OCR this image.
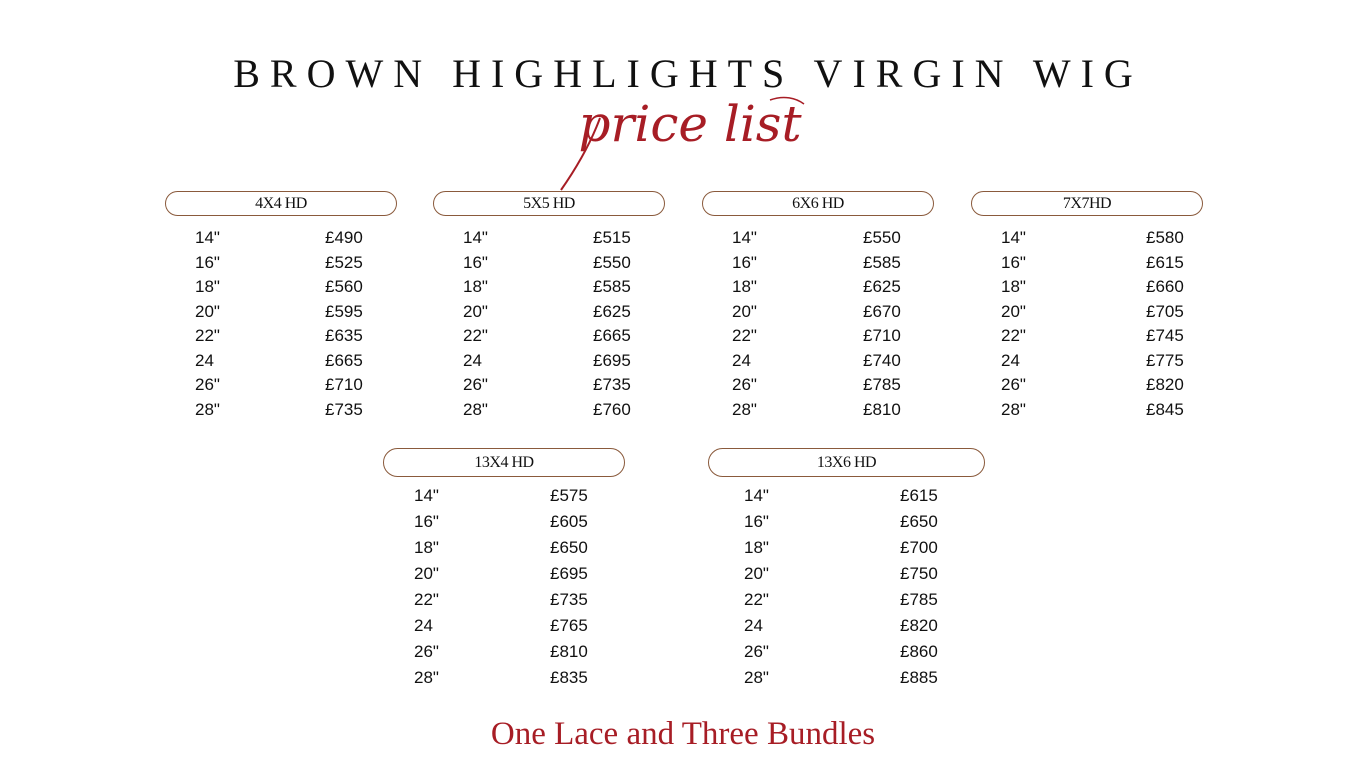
BROWN HIGHLIGHTS VIRGIN WIG
price list
4X4 HD
14"	£490
16"	£525
18"	£560
20"	£595
22"	£635
24	£665
26"	£710
28"	£735
5X5 HD
14"	£515
16"	£550
18"	£585
20"	£625
22"	£665
24	£695
26"	£735
28"	£760
6X6 HD
14"	£550
16"	£585
18"	£625
20"	£670
22"	£710
24	£740
26"	£785
28"	£810
7X7HD
14"	£580
16"	£615
18"	£660
20"	£705
22"	£745
24	£775
26"	£820
28"	£845
13X4 HD
14"	£575
16"	£605
18"	£650
20"	£695
22"	£735
24	£765
26"	£810
28"	£835
13X6 HD
14"	£615
16"	£650
18"	£700
20"	£750
22"	£785
24	£820
26"	£860
28"	£885
One Lace and Three Bundles
